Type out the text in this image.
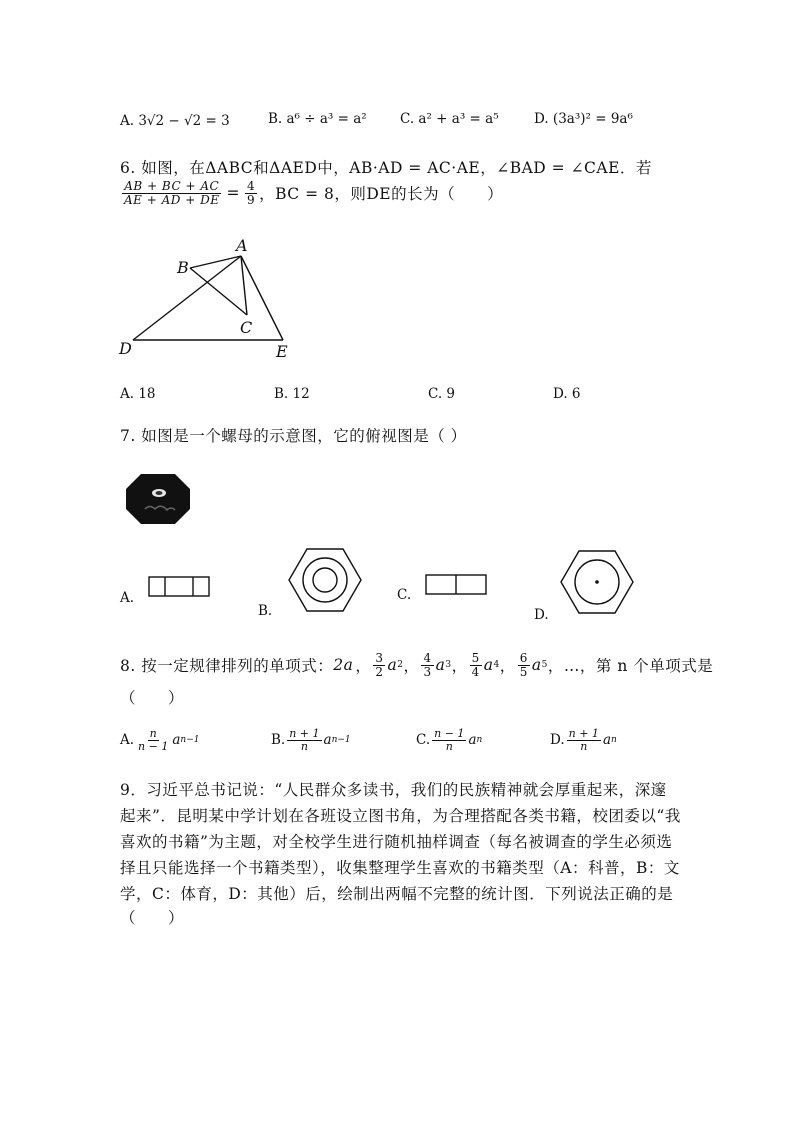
A. 3√2 − √2 = 3	B. a⁶ ÷ a³ = a² C. a² + a³ = a⁵	D. (3a³)² = 9a⁶
6. 如图，在ΔABC和ΔAED中，AB·AD = AC·AE，∠BAD = ∠CAE．若
$\frac{AB + BC + AC}{AE + AD + DE} = \frac{4}{9}$ ，BC = 8，则DE的长为（　　）
A
B
C
D	E
A. 18	B. 12	C. 9	D. 6
7. 如图是一个螺母的示意图，它的俯视图是（ ）
A.
B.
C.
D.
8. 按一定规律排列的单项式： 2a ， $\frac{3}{2}$ a 2 ， $\frac{4}{3}$ a 3 ， $\frac{5}{4}$ a 4 ， $\frac{6}{5}$ a 5 ，…，第 n 个单项式是
（　　）
A. $\frac{n}{n - 1}$ a n−1	B. $\frac{n + 1}{n}$ a n−1	C. $\frac{n - 1}{n}$ a n	D. $\frac{n + 1}{n}$ a n
9．习近平总书记说：“人民群众多读书，我们的民族精神就会厚重起来，深邃
起来”．昆明某中学计划在各班设立图书角，为合理搭配各类书籍，校团委以“我
喜欢的书籍”为主题，对全校学生进行随机抽样调查（每名被调查的学生必须选
择且只能选择一个书籍类型），收集整理学生喜欢的书籍类型（A：科普，B：文
学，C：体育，D：其他）后，绘制出两幅不完整的统计图．下列说法正确的是
（　　）
